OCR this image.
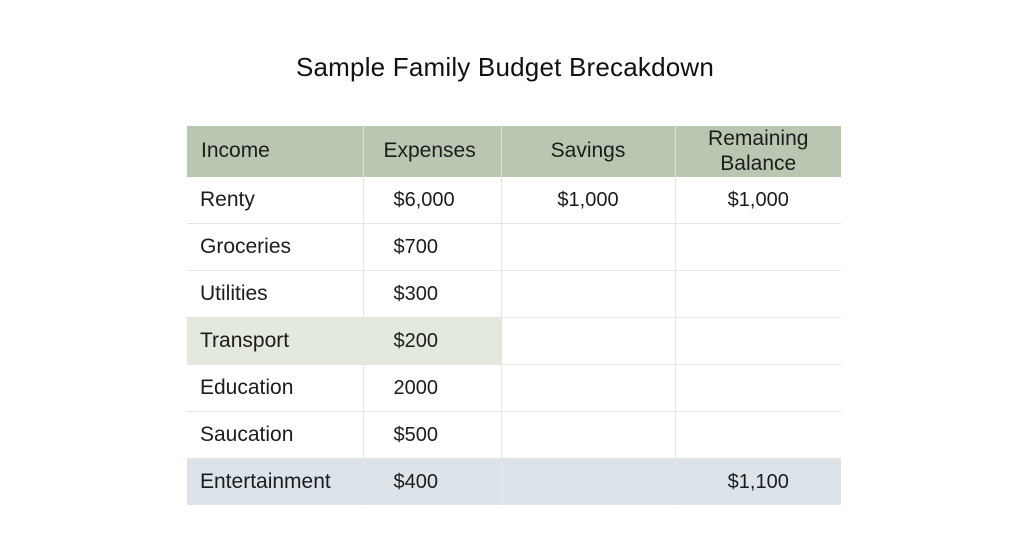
Sample Family Budget Brecakdown
Income	Expenses	Savings	Remaining
Balance
Renty	$6,000	$1,000	$1,000
Groceries	$700		
Utilities	$300		
Transport	$200		
Education	2000		
Saucation	$500		
Entertainment	$400		$1,100
